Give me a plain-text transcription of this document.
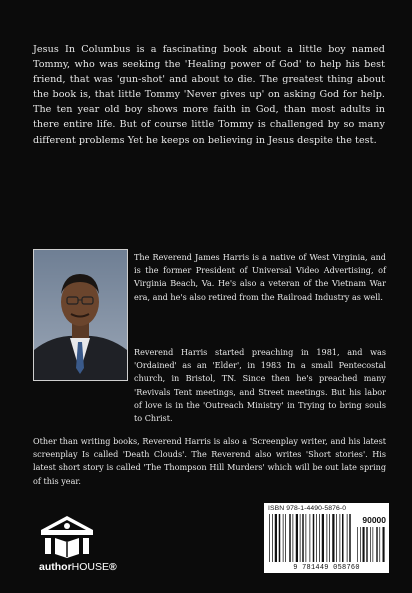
Jesus In Columbus is a fascinating book about a little boy named Tommy, who was seeking the 'Healing power of God' to help his best friend, that was 'gun-shot' and about to die. The greatest thing about the book is, that little Tommy 'Never gives up' on asking God for help. The ten year old boy shows more faith in God, than most adults in there entire life. But of course little Tommy is challenged by so many different problems Yet he keeps on believing in Jesus despite the test.
The Reverend James Harris is a native of West Virginia, and is the former President of Universal Video Advertising, of Virginia Beach, Va. He's also a veteran of the Vietnam War era, and he's also retired from the Railroad Industry as well.
Reverend Harris started preaching in 1981, and was 'Ordained' as an 'Elder', in 1983 In a small Pentecostal church, in Bristol, TN. Since then he's preached many 'Revivals Tent meetings, and Street meetings. But his labor of love is in the 'Outreach Ministry' in Trying to bring souls to Christ.
Other than writing books, Reverend Harris is also a 'Screenplay writer, and his latest screenplay Is called 'Death Clouds'. The Reverend also writes 'Short stories'. His latest short story is called 'The Thompson Hill Murders' which will be out late spring of this year.
authorHOUSE®
ISBN 978-1-4490-5876-0
90000
9 781449 058760
